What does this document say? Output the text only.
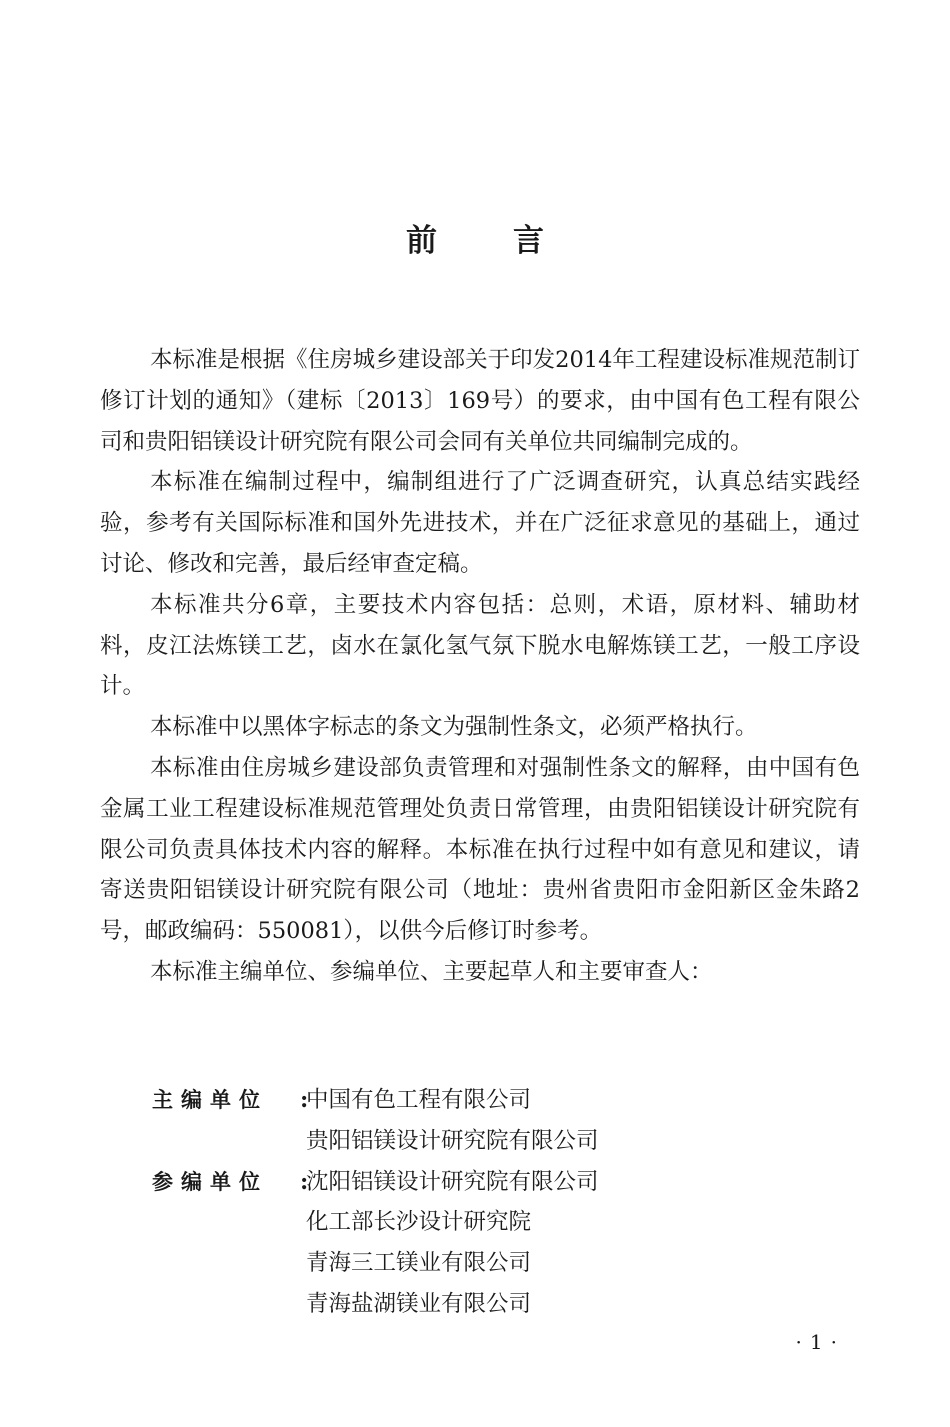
前言

本标准是根据《住房城乡建设部关于印发2014年工程建设标准规范制订修订计划的通知》（建标〔2013〕169号）的要求，由中国有色工程有限公司和贵阳铝镁设计研究院有限公司会同有关单位共同编制完成的。

本标准在编制过程中，编制组进行了广泛调查研究，认真总结实践经验，参考有关国际标准和国外先进技术，并在广泛征求意见的基础上，通过讨论、修改和完善，最后经审查定稿。

本标准共分6章，主要技术内容包括：总则，术语，原材料、辅助材料，皮江法炼镁工艺，卤水在氯化氢气氛下脱水电解炼镁工艺，一般工序设计。

本标准中以黑体字标志的条文为强制性条文，必须严格执行。

本标准由住房城乡建设部负责管理和对强制性条文的解释，由中国有色金属工业工程建设标准规范管理处负责日常管理，由贵阳铝镁设计研究院有限公司负责具体技术内容的解释。本标准在执行过程中如有意见和建议，请寄送贵阳铝镁设计研究院有限公司（地址：贵州省贵阳市金阳新区金朱路2号，邮政编码：550081），以供今后修订时参考。

本标准主编单位、参编单位、主要起草人和主要审查人：

主编单位	:
中国有色工程有限公司
贵阳铝镁设计研究院有限公司
参编单位	:
沈阳铝镁设计研究院有限公司
化工部长沙设计研究院
青海三工镁业有限公司
青海盐湖镁业有限公司
·1·
